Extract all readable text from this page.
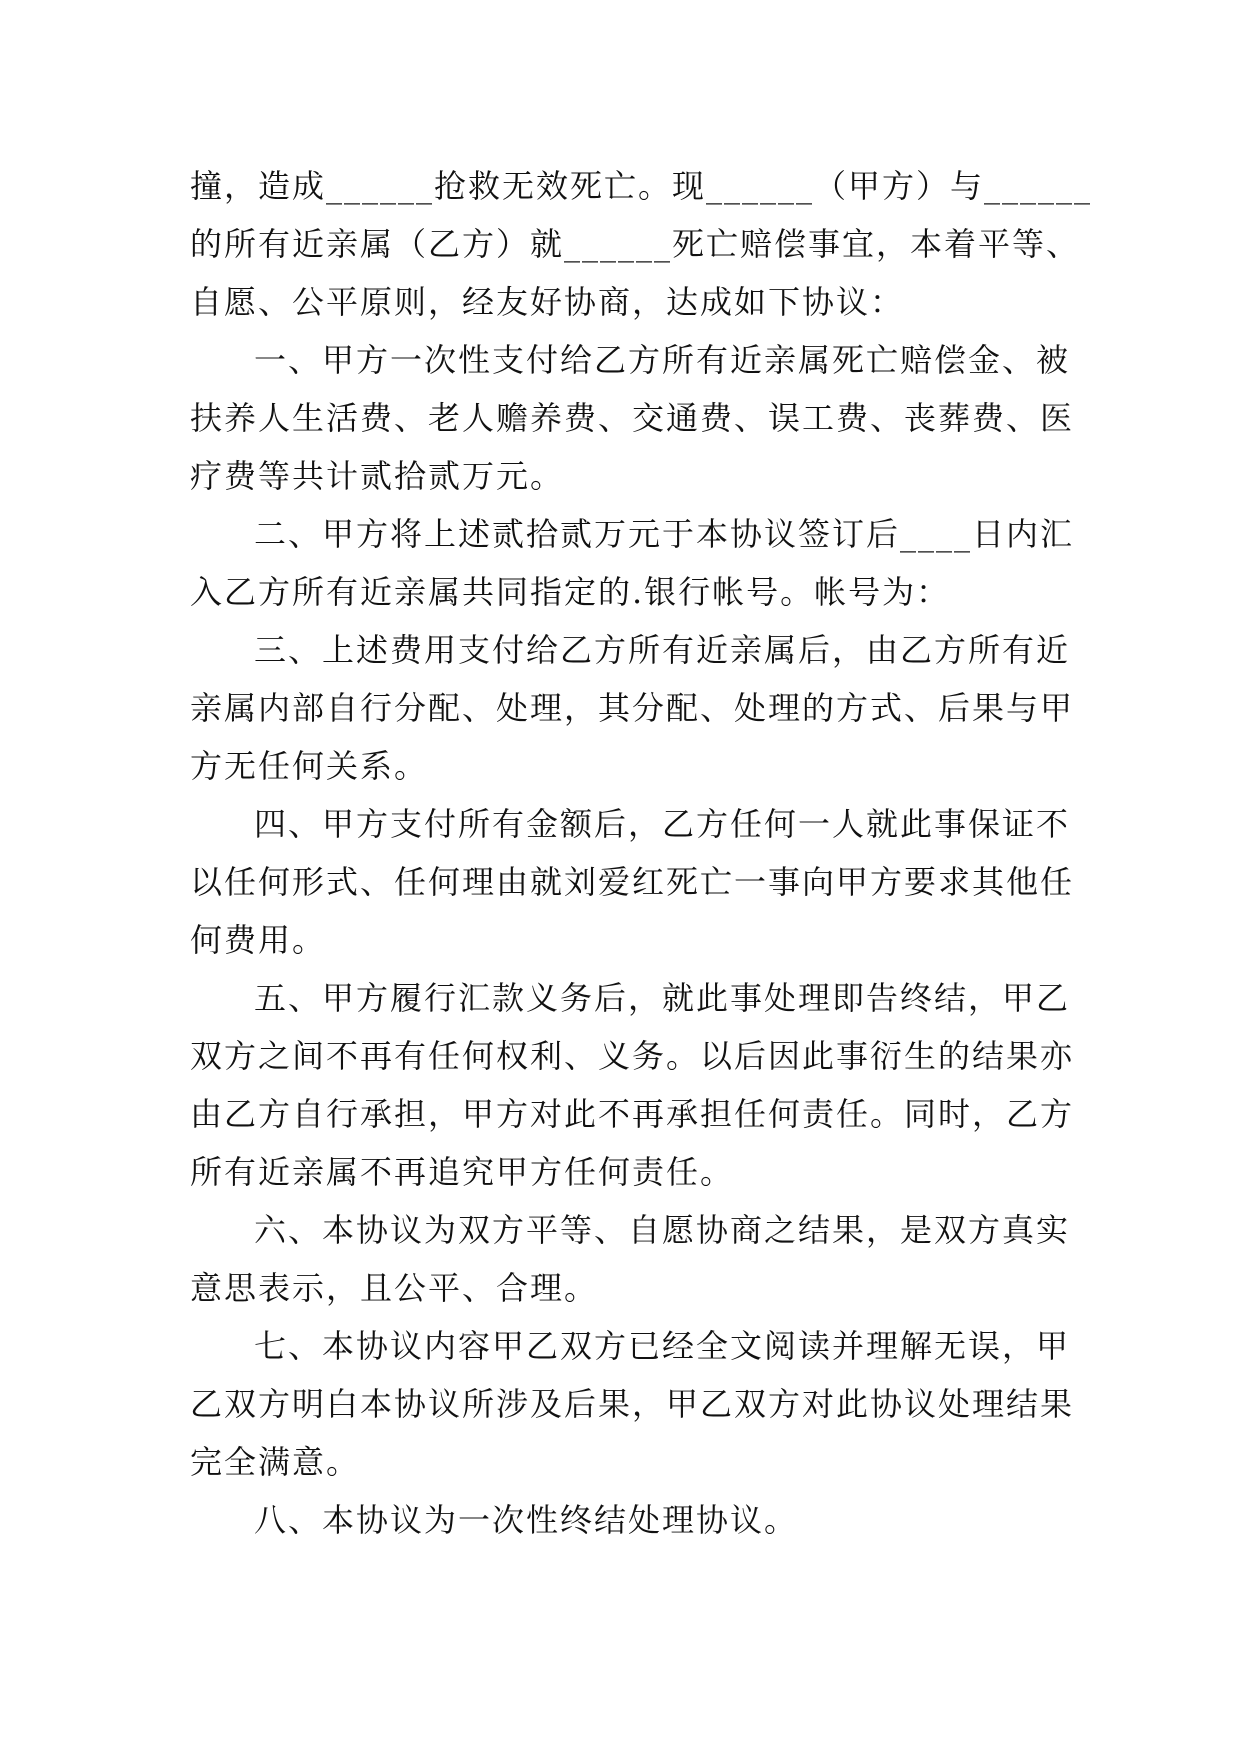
撞，造成______抢救无效死亡。现______（甲方）与______
的所有近亲属（乙方）就______死亡赔偿事宜，本着平等、
自愿、公平原则，经友好协商，达成如下协议：
一、甲方一次性支付给乙方所有近亲属死亡赔偿金、被
扶养人生活费、老人赡养费、交通费、误工费、丧葬费、医
疗费等共计贰拾贰万元。
二、甲方将上述贰拾贰万元于本协议签订后____日内汇
入乙方所有近亲属共同指定的.银行帐号。帐号为：
三、上述费用支付给乙方所有近亲属后，由乙方所有近
亲属内部自行分配、处理，其分配、处理的方式、后果与甲
方无任何关系。
四、甲方支付所有金额后，乙方任何一人就此事保证不
以任何形式、任何理由就刘爱红死亡一事向甲方要求其他任
何费用。
五、甲方履行汇款义务后，就此事处理即告终结，甲乙
双方之间不再有任何权利、义务。以后因此事衍生的结果亦
由乙方自行承担，甲方对此不再承担任何责任。同时，乙方
所有近亲属不再追究甲方任何责任。
六、本协议为双方平等、自愿协商之结果，是双方真实
意思表示，且公平、合理。
七、本协议内容甲乙双方已经全文阅读并理解无误，甲
乙双方明白本协议所涉及后果，甲乙双方对此协议处理结果
完全满意。
八、本协议为一次性终结处理协议。
